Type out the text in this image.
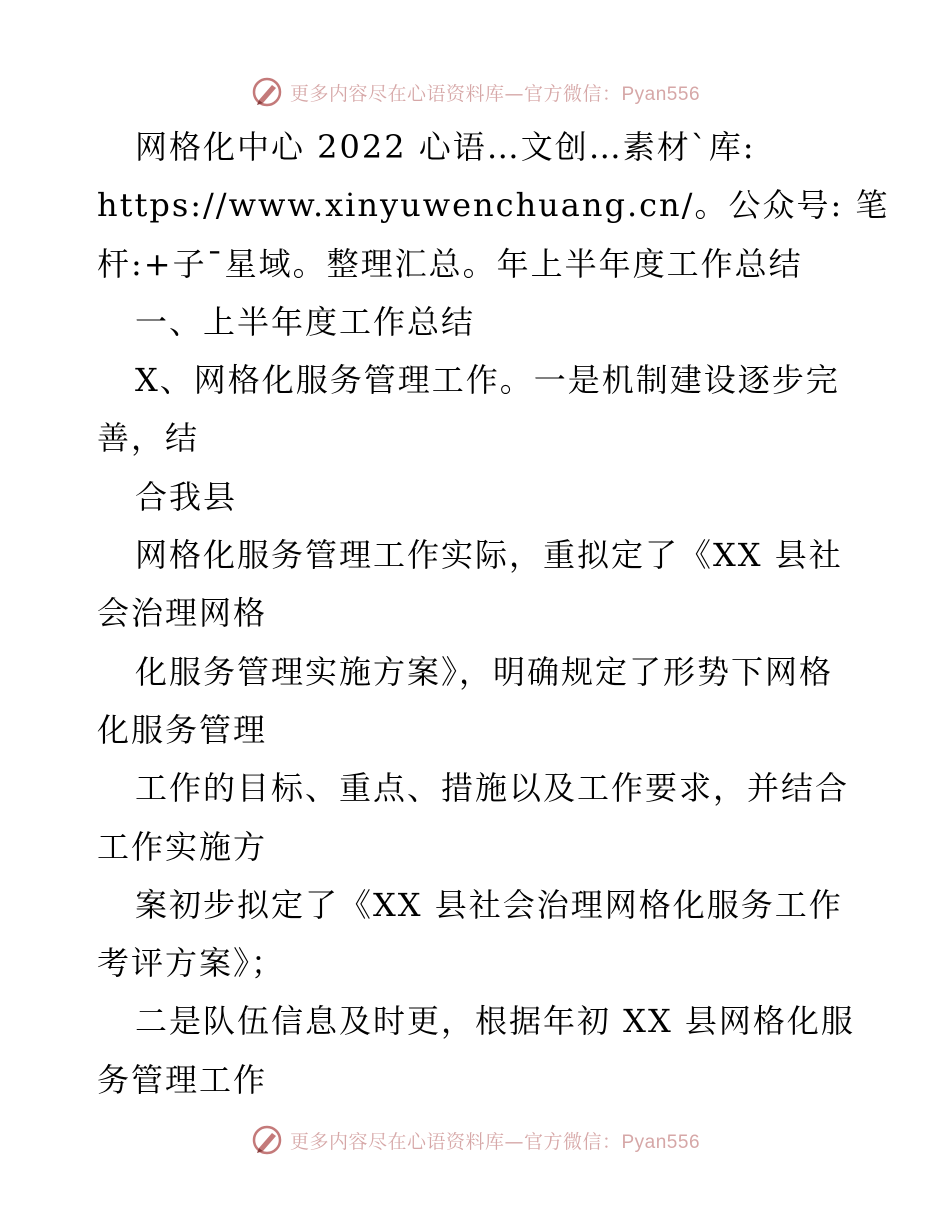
更多内容尽在心语资料库—官方微信：Pyan556
网格化中心 2022 心语…文创…素材`库:
https://www.xinyuwenchuang.cn/。公众号: 笔
杆:+子¯星域。整理汇总。年上半年度工作总结
一、上半年度工作总结
X、网格化服务管理工作。一是机制建设逐步完
善，结
合我县
网格化服务管理工作实际，重拟定了《XX 县社
会治理网格
化服务管理实施方案》，明确规定了形势下网格
化服务管理
工作的目标、重点、措施以及工作要求，并结合
工作实施方
案初步拟定了《XX 县社会治理网格化服务工作
考评方案》；
二是队伍信息及时更，根据年初 XX 县网格化服
务管理工作
更多内容尽在心语资料库—官方微信：Pyan556
